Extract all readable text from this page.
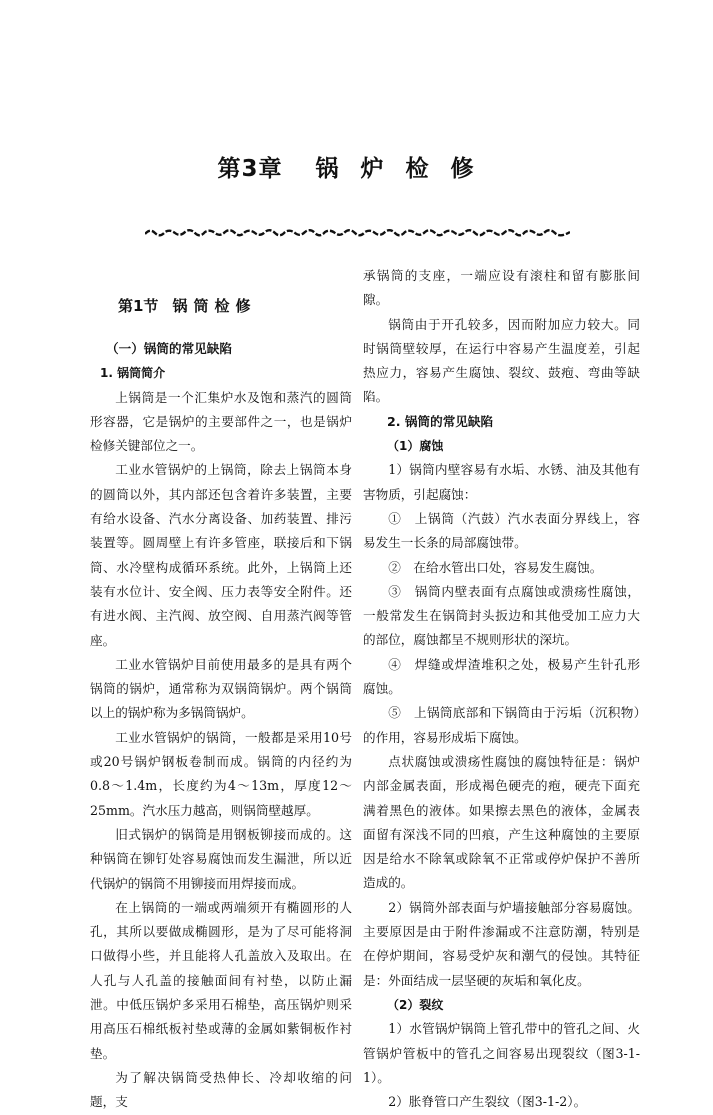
第3章 锅炉检修
第1节 锅筒检修
（一）锅筒的常见缺陷
1. 锅筒简介

上锅筒是一个汇集炉水及饱和蒸汽的圆筒形容器，它是锅炉的主要部件之一，也是锅炉检修关键部位之一。

工业水管锅炉的上锅筒，除去上锅筒本身的圆筒以外，其内部还包含着许多装置，主要有给水设备、汽水分离设备、加药装置、排污装置等。圆周壁上有许多管座，联接后和下锅筒、水冷壁构成循环系统。此外，上锅筒上还装有水位计、安全阀、压力表等安全附件。还有进水阀、主汽阀、放空阀、自用蒸汽阀等管座。

工业水管锅炉目前使用最多的是具有两个锅筒的锅炉，通常称为双锅筒锅炉。两个锅筒以上的锅炉称为多锅筒锅炉。

工业水管锅炉的锅筒，一般都是采用10号或20号锅炉钢板卷制而成。锅筒的内径约为0.8～1.4m，长度约为4～13m，厚度12～25mm。汽水压力越高，则锅筒壁越厚。

旧式锅炉的锅筒是用钢板铆接而成的。这种锅筒在铆钉处容易腐蚀而发生漏泄，所以近代锅炉的锅筒不用铆接而用焊接而成。

在上锅筒的一端或两端须开有椭圆形的人孔，其所以要做成椭圆形，是为了尽可能将洞口做得小些，并且能将人孔盖放入及取出。在人孔与人孔盖的接触面间有衬垫，以防止漏泄。中低压锅炉多采用石棉垫，高压锅炉则采用高压石棉纸板衬垫或薄的金属如紫铜板作衬垫。

为了解决锅筒受热伸长、冷却收缩的问题，支

承锅筒的支座，一端应设有滚柱和留有膨胀间隙。

锅筒由于开孔较多，因而附加应力较大。同时锅筒壁较厚，在运行中容易产生温度差，引起热应力，容易产生腐蚀、裂纹、鼓疱、弯曲等缺陷。

2. 锅筒的常见缺陷
（1）腐蚀

1）锅筒内壁容易有水垢、水锈、油及其他有害物质，引起腐蚀：

①　上锅筒（汽鼓）汽水表面分界线上，容易发生一长条的局部腐蚀带。

②　在给水管出口处，容易发生腐蚀。

③　锅筒内壁表面有点腐蚀或溃疡性腐蚀，一般常发生在锅筒封头扳边和其他受加工应力大的部位，腐蚀都呈不规则形状的深坑。

④　焊缝或焊渣堆积之处，极易产生针孔形腐蚀。

⑤　上锅筒底部和下锅筒由于污垢（沉积物）的作用，容易形成垢下腐蚀。

点状腐蚀或溃疡性腐蚀的腐蚀特征是：锅炉内部金属表面，形成褐色硬壳的疱，硬壳下面充满着黑色的液体。如果擦去黑色的液体，金属表面留有深浅不同的凹痕，产生这种腐蚀的主要原因是给水不除氧或除氧不正常或停炉保护不善所造成的。

2）锅筒外部表面与炉墙接触部分容易腐蚀。主要原因是由于附件渗漏或不注意防潮，特别是在停炉期间，容易受炉灰和潮气的侵蚀。其特征是：外面结成一层坚硬的灰垢和氧化皮。

（2）裂纹

1）水管锅炉锅筒上管孔带中的管孔之间、火管锅炉管板中的管孔之间容易出现裂纹（图3-1-1）。

2）胀脊管口产生裂纹（图3-1-2）。
